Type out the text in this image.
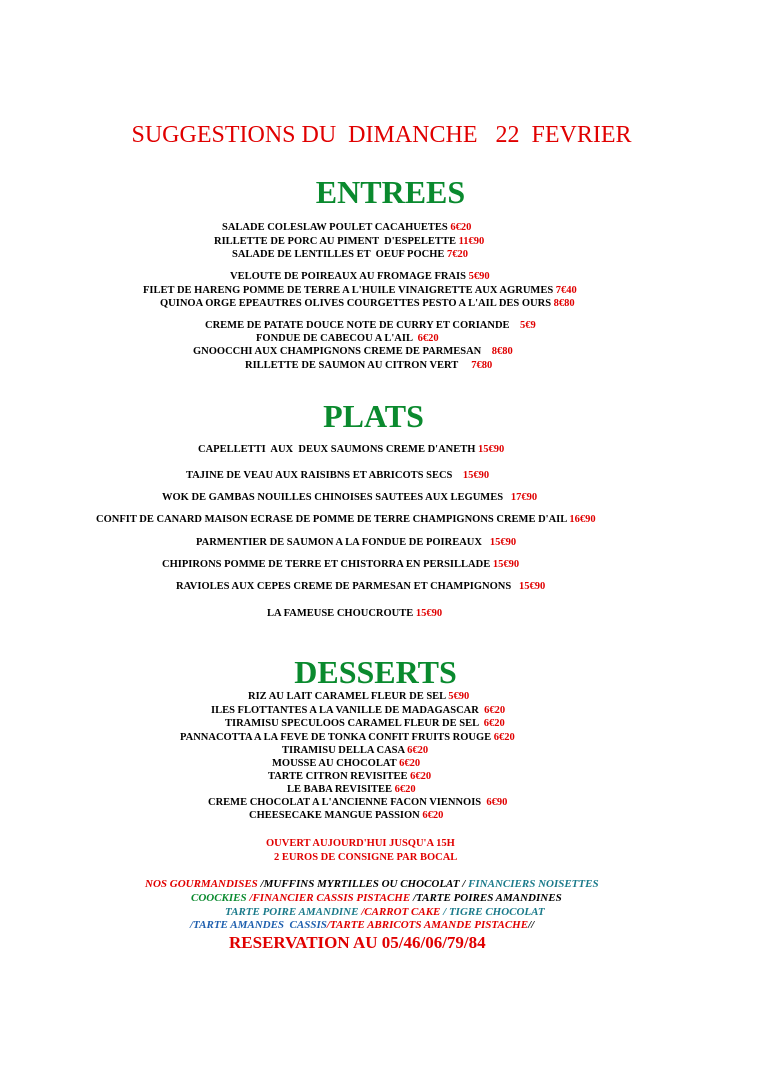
SUGGESTIONS DU  DIMANCHE   22  FEVRIER
ENTREES
SALADE COLESLAW POULET CACAHUETES 6€20
RILLETTE DE PORC AU PIMENT  D'ESPELETTE 11€90
SALADE DE LENTILLES ET  OEUF POCHE 7€20
VELOUTE DE POIREAUX AU FROMAGE FRAIS 5€90
FILET DE HARENG POMME DE TERRE A L'HUILE VINAIGRETTE AUX AGRUMES 7€40
QUINOA ORGE EPEAUTRES OLIVES COURGETTES PESTO A L'AIL DES OURS 8€80
CREME DE PATATE DOUCE NOTE DE CURRY ET CORIANDE    5€9
FONDUE DE CABECOU A L'AIL  6€20
GNOOCCHI AUX CHAMPIGNONS CREME DE PARMESAN    8€80
RILLETTE DE SAUMON AU CITRON VERT     7€80
PLATS
CAPELLETTI  AUX  DEUX SAUMONS CREME D'ANETH 15€90
TAJINE DE VEAU AUX RAISIBNS ET ABRICOTS SECS    15€90
WOK DE GAMBAS NOUILLES CHINOISES SAUTEES AUX LEGUMES   17€90
CONFIT DE CANARD MAISON ECRASE DE POMME DE TERRE CHAMPIGNONS CREME D'AIL 16€90
PARMENTIER DE SAUMON A LA FONDUE DE POIREAUX   15€90
CHIPIRONS POMME DE TERRE ET CHISTORRA EN PERSILLADE 15€90
RAVIOLES AUX CEPES CREME DE PARMESAN ET CHAMPIGNONS   15€90
LA FAMEUSE CHOUCROUTE 15€90
DESSERTS
RIZ AU LAIT CARAMEL FLEUR DE SEL 5€90
ILES FLOTTANTES A LA VANILLE DE MADAGASCAR  6€20
TIRAMISU SPECULOOS CARAMEL FLEUR DE SEL  6€20
PANNACOTTA A LA FEVE DE TONKA CONFIT FRUITS ROUGE 6€20
TIRAMISU DELLA CASA 6€20
MOUSSE AU CHOCOLAT 6€20
TARTE CITRON REVISITEE 6€20
LE BABA REVISITEE 6€20
CREME CHOCOLAT A L'ANCIENNE FACON VIENNOIS  6€90
CHEESECAKE MANGUE PASSION 6€20
OUVERT AUJOURD'HUI JUSQU'A 15H
2 EUROS DE CONSIGNE PAR BOCAL
NOS GOURMANDISES /MUFFINS MYRTILLES OU CHOCOLAT / FINANCIERS NOISETTES
COOCKIES /FINANCIER CASSIS PISTACHE /TARTE POIRES AMANDINES
TARTE POIRE AMANDINE /CARROT CAKE / TIGRE CHOCOLAT
/TARTE AMANDES  CASSIS/TARTE ABRICOTS AMANDE PISTACHE//
RESERVATION AU 05/46/06/79/84
